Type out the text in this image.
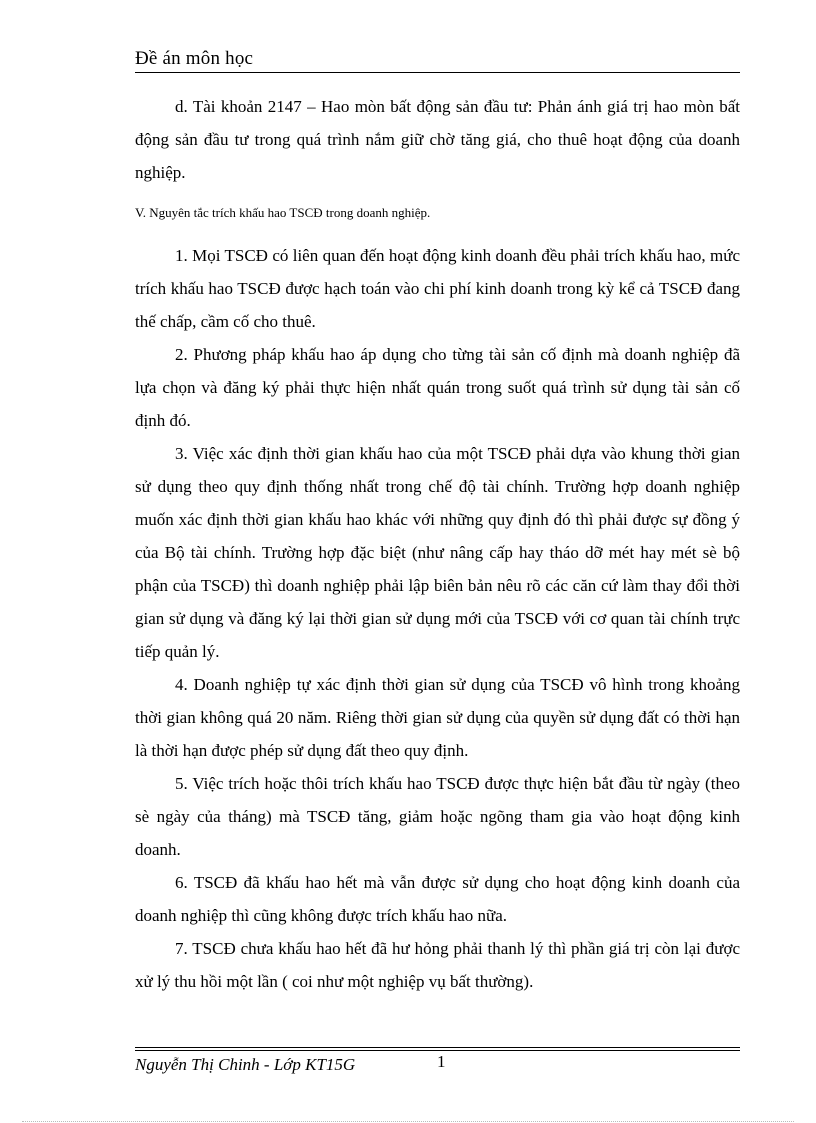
Đề án môn học

d. Tài khoản 2147 – Hao mòn bất động sản đầu tư: Phản ánh giá trị hao mòn bất động sản đầu tư trong quá trình nắm giữ chờ tăng giá, cho thuê hoạt động của doanh nghiệp.

V. Nguyên tắc trích khấu hao TSCĐ trong doanh nghiệp.

1. Mọi TSCĐ có liên quan đến hoạt động kinh doanh đều phải trích khấu hao, mức trích khấu hao TSCĐ được hạch toán vào chi phí kinh doanh trong kỳ kể cả TSCĐ đang thế chấp, cầm cố cho thuê.

2. Phương pháp khấu hao áp dụng cho từng tài sản cố định mà doanh nghiệp đã lựa chọn và đăng ký phải thực hiện nhất quán trong suốt quá trình sử dụng tài sản cố định đó.

3. Việc xác định thời gian khấu hao của một TSCĐ phải dựa vào khung thời gian sử dụng theo quy định thống nhất trong chế độ tài chính. Trường hợp doanh nghiệp muốn xác định thời gian khấu hao khác với những quy định đó thì phải được sự đồng ý của Bộ tài chính. Trường hợp đặc biệt (như nâng cấp hay tháo dỡ mét hay mét sè bộ phận của TSCĐ) thì doanh nghiệp phải lập biên bản nêu rõ các căn cứ làm thay đổi thời gian sử dụng và đăng ký lại thời gian sử dụng mới của TSCĐ với cơ quan tài chính trực tiếp quản lý.

4. Doanh nghiệp tự xác định thời gian sử dụng của TSCĐ vô hình trong khoảng thời gian không quá 20 năm. Riêng thời gian sử dụng của quyền sử dụng đất có thời hạn là thời hạn được phép sử dụng đất theo quy định.

5. Việc trích hoặc thôi trích khấu hao TSCĐ được thực hiện bắt đầu từ ngày (theo sè ngày của tháng) mà TSCĐ tăng, giảm hoặc ngõng tham gia vào hoạt động kinh doanh.

6. TSCĐ đã khấu hao hết mà vẫn được sử dụng cho hoạt động kinh doanh của doanh nghiệp thì cũng không được trích khấu hao nữa.

7. TSCĐ chưa khấu hao hết đã hư hỏng phải thanh lý thì phần giá trị còn lại được xử lý thu hồi một lần ( coi như một nghiệp vụ bất thường).

Nguyễn Thị Chinh - Lớp KT15G	1
